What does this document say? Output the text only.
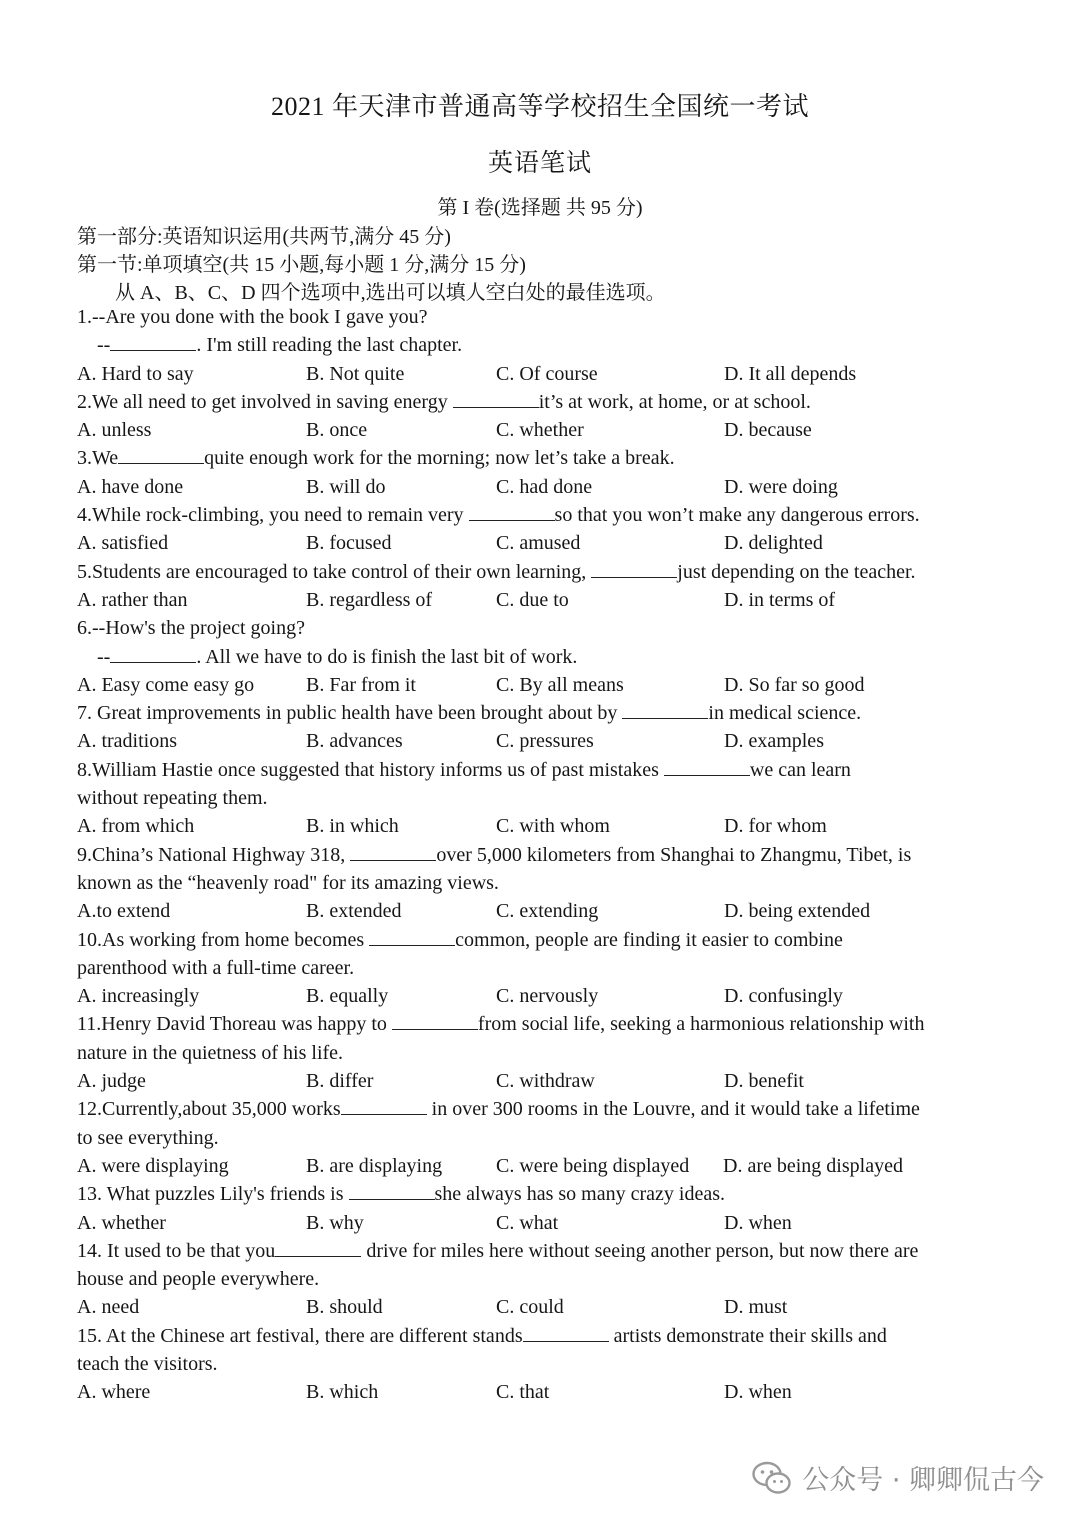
2021 年天津市普通高等学校招生全国统一考试
英语笔试
第 I 卷(选择题 共 95 分)
第一部分:英语知识运用(共两节,满分 45 分)
第一节:单项填空(共 15 小题,每小题 1 分,满分 15 分)
从 A、B、C、D 四个选项中,选出可以填人空白处的最佳选项。
1.--Are you done with the book I gave you?
--	. I'm still reading the last chapter.
A. Hard to say	B. Not quite	C. Of course	D. It all depends
2.We all need to get involved in saving energy	it’s at work, at home, or at school.
A. unless	B. once	C. whether	D. because
3.We	quite enough work for the morning; now let’s take a break.
A. have done	B. will do	C. had done	D. were doing
4.While rock-climbing, you need to remain very	so that you won’t make any dangerous errors.
A. satisfied	B. focused	C. amused	D. delighted
5.Students are encouraged to take control of their own learning,	just depending on the teacher.
A. rather than	B. regardless of	C. due to	D. in terms of
6.--How's the project going?
--	. All we have to do is finish the last bit of work.
A. Easy come easy go	B. Far from it	C. By all means	D. So far so good
7. Great improvements in public health have been brought about by	in medical science.
A. traditions	B. advances	C. pressures	D. examples
8.William Hastie once suggested that history informs us of past mistakes	we can learn
without repeating them.
A. from which	B. in which	C. with whom	D. for whom
9.China’s National Highway 318,	over 5,000 kilometers from Shanghai to Zhangmu, Tibet, is
known as the “heavenly road" for its amazing views.
A.to extend	B. extended	C. extending	D. being extended
10.As working from home becomes	common, people are finding it easier to combine
parenthood with a full-time career.
A. increasingly	B. equally	C. nervously	D. confusingly
11.Henry David Thoreau was happy to	from social life, seeking a harmonious relationship with
nature in the quietness of his life.
A. judge	B. differ	C. withdraw	D. benefit
12.Currently,about 35,000 works	in over 300 rooms in the Louvre, and it would take a lifetime
to see everything.
A. were displaying	B. are displaying	C. were being displayed D. are being displayed
13. What puzzles Lily's friends is	she always has so many crazy ideas.
A. whether	B. why	C. what	D. when
14. It used to be that you	drive for miles here without seeing another person, but now there are
house and people everywhere.
A. need	B. should	C. could	D. must
15. At the Chinese art festival, there are different stands	artists demonstrate their skills and
teach the visitors.
A. where	B. which	C. that	D. when
公众号 · 卿卿侃古今
